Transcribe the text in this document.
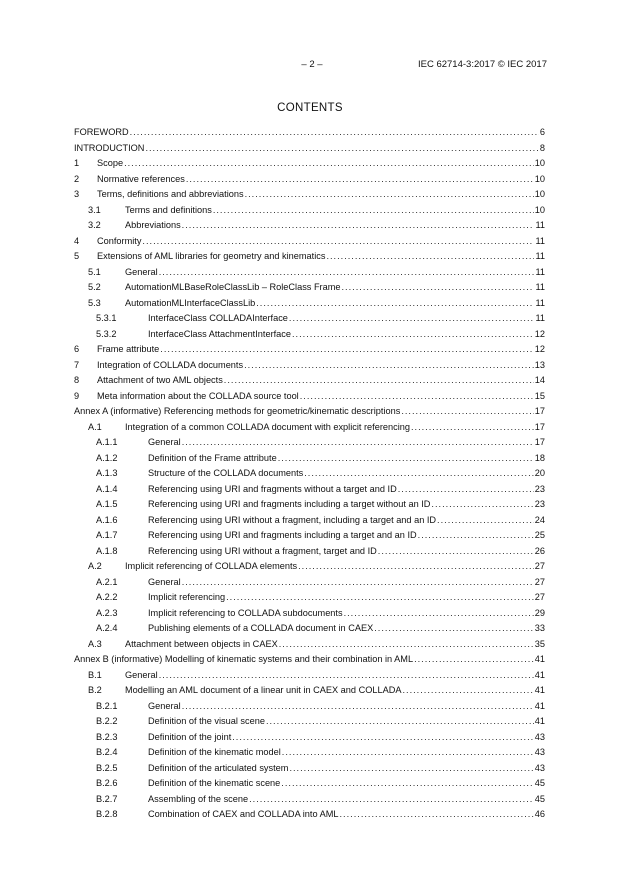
– 2 –	IEC 62714-3:2017 © IEC 2017
CONTENTS
FOREWORD .....	6
INTRODUCTION .....	8
1	Scope .....	10
2	Normative references .....	10
3	Terms, definitions and abbreviations .....	10
3.1	Terms and definitions .....	10
3.2	Abbreviations .....	11
4	Conformity .....	11
5	Extensions of AML libraries for geometry and kinematics .....	11
5.1	General .....	11
5.2	AutomationMLBaseRoleClassLib – RoleClass Frame .....	11
5.3	AutomationMLInterfaceClassLib .....	11
5.3.1	InterfaceClass COLLADAInterface .....	11
5.3.2	InterfaceClass AttachmentInterface .....	12
6	Frame attribute .....	12
7	Integration of COLLADA documents .....	13
8	Attachment of two AML objects .....	14
9	Meta information about the COLLADA source tool .....	15
Annex A (informative) Referencing methods for geometric/kinematic descriptions .....	17
A.1	Integration of a common COLLADA document with explicit referencing .....	17
A.1.1	General .....	17
A.1.2	Definition of the Frame attribute .....	18
A.1.3	Structure of the COLLADA documents .....	20
A.1.4	Referencing using URI and fragments without a target and ID .....	23
A.1.5	Referencing using URI and fragments including a target without an ID .....	23
A.1.6	Referencing using URI without a fragment, including a target and an ID .....	24
A.1.7	Referencing using URI and fragments including a target and an ID .....	25
A.1.8	Referencing using URI without a fragment, target and ID .....	26
A.2	Implicit referencing of COLLADA elements .....	27
A.2.1	General .....	27
A.2.2	Implicit referencing .....	27
A.2.3	Implicit referencing to COLLADA subdocuments .....	29
A.2.4	Publishing elements of a COLLADA document in CAEX .....	33
A.3	Attachment between objects in CAEX .....	35
Annex B (informative) Modelling of kinematic systems and their combination in AML .....	41
B.1	General .....	41
B.2	Modelling an AML document of a linear unit in CAEX and COLLADA .....	41
B.2.1	General .....	41
B.2.2	Definition of the visual scene .....	41
B.2.3	Definition of the joint .....	43
B.2.4	Definition of the kinematic model .....	43
B.2.5	Definition of the articulated system .....	43
B.2.6	Definition of the kinematic scene .....	45
B.2.7	Assembling of the scene .....	45
B.2.8	Combination of CAEX and COLLADA into AML .....	46
